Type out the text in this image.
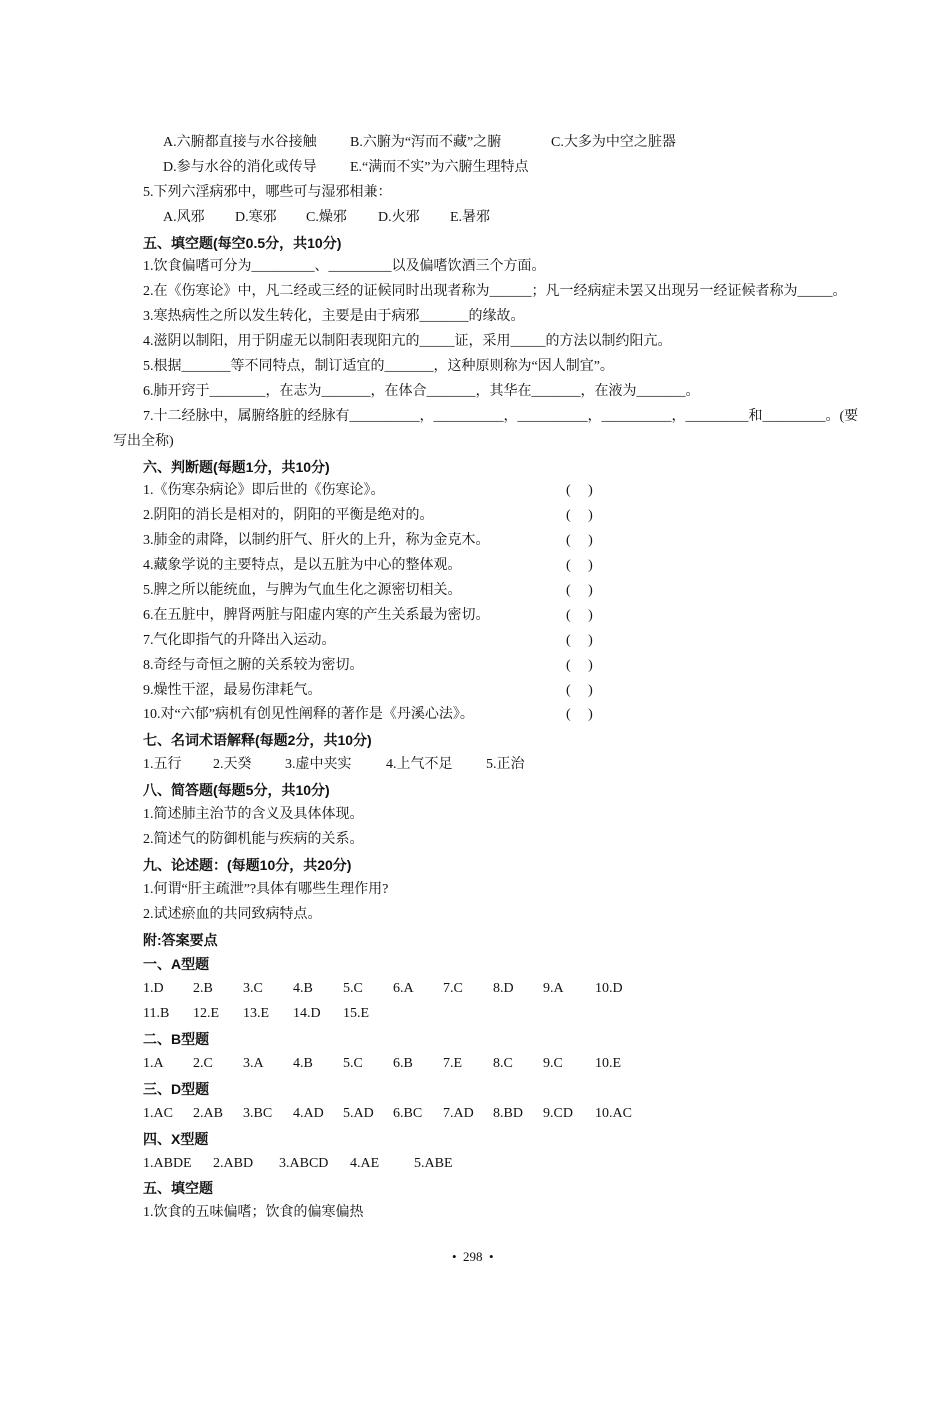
A.六腑都直接与水谷接触

B.六腑为“泻而不藏”之腑

	C.大多为中空之脏器

D.参与水谷的消化或传导

E.“满而不实”为六腑生理特点

5.下列六淫病邪中，哪些可与湿邪相兼：

A.风邪

D.寒邪

C.燥邪

D.火邪

E.暑邪

五、填空题(每空0.5分，共10分)
1.饮食偏嗜可分为_________、_________以及偏嗜饮酒三个方面。
2.在《伤寒论》中，凡二经或三经的证候同时出现者称为______；凡一经病症未罢又出现另一经证候者称为_____。
3.寒热病性之所以发生转化，主要是由于病邪_______的缘故。
4.滋阴以制阳，用于阴虚无以制阳表现阳亢的_____证，采用_____的方法以制约阳亢。
5.根据_______等不同特点，制订适宜的_______，这种原则称为“因人制宜”。
6.肺开窍于________，在志为_______，在体合_______，其华在_______，在液为_______。
7.十二经脉中，属腑络脏的经脉有__________，__________，__________，__________，_________和_________。(要
写出全称)
六、判断题(每题1分，共10分)
1.《伤寒杂病论》即后世的《伤寒论》。	(     )
2.阴阳的消长是相对的，阴阳的平衡是绝对的。	(     )
3.肺金的肃降，以制约肝气、肝火的上升，称为金克木。	(     )
4.藏象学说的主要特点，是以五脏为中心的整体观。	(     )
5.脾之所以能统血，与脾为气血生化之源密切相关。	(     )
6.在五脏中，脾肾两脏与阳虚内寒的产生关系最为密切。	(     )
7.气化即指气的升降出入运动。	(     )
8.奇经与奇恒之腑的关系较为密切。	(     )
9.燥性干涩，最易伤津耗气。	(     )
10.对“六郁”病机有创见性阐释的著作是《丹溪心法》。	(     )
七、名词术语解释(每题2分，共10分)

1.五行

2.天癸

3.虚中夹实

4.上气不足

5.正治

八、简答题(每题5分，共10分)
1.简述肺主治节的含义及具体体现。
2.简述气的防御机能与疾病的关系。
九、论述题：(每题10分，共20分)
1.何谓“肝主疏泄”?具体有哪些生理作用?
2.试述瘀血的共同致病特点。
附:答案要点
一、A型题

1.D

2.B

3.C

4.B

5.C

6.A

7.C

8.D

9.A

10.D

11.B

12.E

13.E

14.D

15.E

二、B型题

1.A

2.C

3.A

4.B

5.C

6.B

7.E

8.C

9.C

10.E

三、D型题

1.AC

2.AB

3.BC

4.AD

5.AD

6.BC

7.AD

8.BD

9.CD

10.AC

四、X型题

1.ABDE

2.ABD

3.ABCD

4.AE

5.ABE

五、填空题
1.饮食的五味偏嗜；饮食的偏寒偏热
•  298  •
